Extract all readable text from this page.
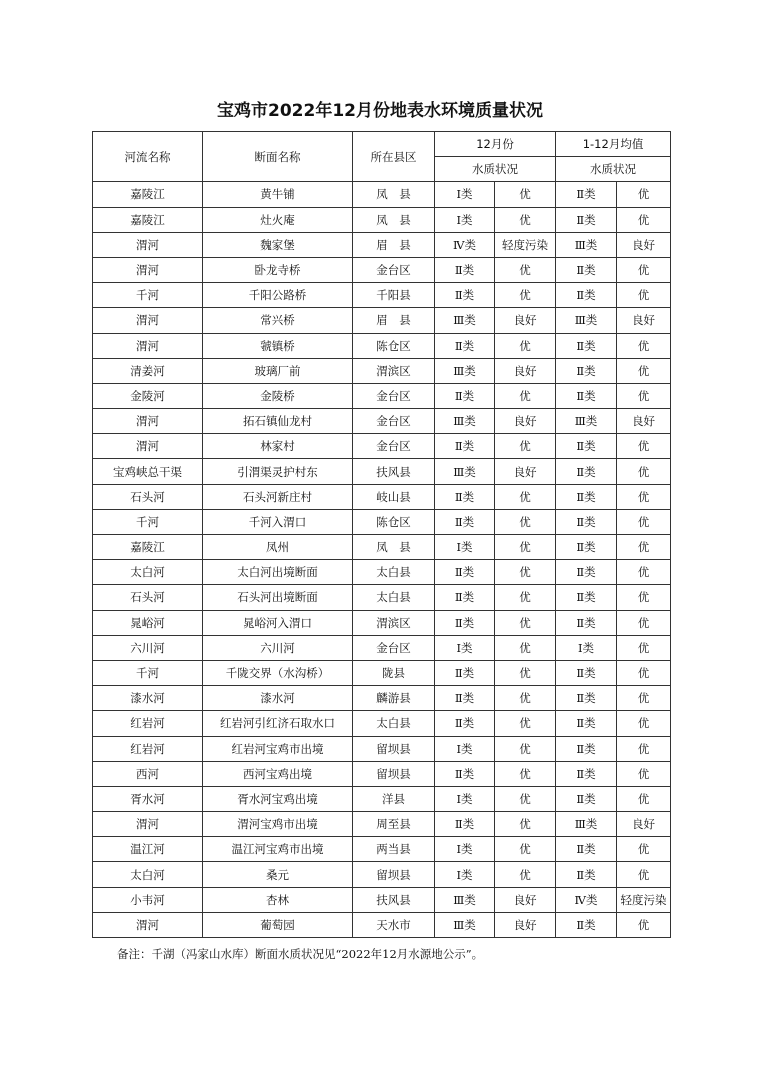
宝鸡市2022年12月份地表水环境质量状况
河流名称	断面名称	所在县区	12月份		1-12月均值	
			水质状况		水质状况	
嘉陵江	黄牛铺	凤　县	Ⅰ类	优	Ⅱ类	优
嘉陵江	灶火庵	凤　县	Ⅰ类	优	Ⅱ类	优
渭河	魏家堡	眉　县	Ⅳ类	轻度污染	Ⅲ类	良好
渭河	卧龙寺桥	金台区	Ⅱ类	优	Ⅱ类	优
千河	千阳公路桥	千阳县	Ⅱ类	优	Ⅱ类	优
渭河	常兴桥	眉　县	Ⅲ类	良好	Ⅲ类	良好
渭河	虢镇桥	陈仓区	Ⅱ类	优	Ⅱ类	优
清姜河	玻璃厂前	渭滨区	Ⅲ类	良好	Ⅱ类	优
金陵河	金陵桥	金台区	Ⅱ类	优	Ⅱ类	优
渭河	拓石镇仙龙村	金台区	Ⅲ类	良好	Ⅲ类	良好
渭河	林家村	金台区	Ⅱ类	优	Ⅱ类	优
宝鸡峡总干渠	引渭渠灵护村东	扶风县	Ⅲ类	良好	Ⅱ类	优
石头河	石头河新庄村	岐山县	Ⅱ类	优	Ⅱ类	优
千河	千河入渭口	陈仓区	Ⅱ类	优	Ⅱ类	优
嘉陵江	凤州	凤　县	Ⅰ类	优	Ⅱ类	优
太白河	太白河出境断面	太白县	Ⅱ类	优	Ⅱ类	优
石头河	石头河出境断面	太白县	Ⅱ类	优	Ⅱ类	优
晁峪河	晁峪河入渭口	渭滨区	Ⅱ类	优	Ⅱ类	优
六川河	六川河	金台区	Ⅰ类	优	Ⅰ类	优
千河	千陇交界（水沟桥）	陇县	Ⅱ类	优	Ⅱ类	优
漆水河	漆水河	麟游县	Ⅱ类	优	Ⅱ类	优
红岩河	红岩河引红济石取水口	太白县	Ⅱ类	优	Ⅱ类	优
红岩河	红岩河宝鸡市出境	留坝县	Ⅰ类	优	Ⅱ类	优
西河	西河宝鸡出境	留坝县	Ⅱ类	优	Ⅱ类	优
胥水河	胥水河宝鸡出境	洋县	Ⅰ类	优	Ⅱ类	优
渭河	渭河宝鸡市出境	周至县	Ⅱ类	优	Ⅲ类	良好
温江河	温江河宝鸡市出境	两当县	Ⅰ类	优	Ⅱ类	优
太白河	桑元	留坝县	Ⅰ类	优	Ⅱ类	优
小韦河	杏林	扶风县	Ⅲ类	良好	Ⅳ类	轻度污染
渭河	葡萄园	天水市	Ⅲ类	良好	Ⅱ类	优
备注：千湖（冯家山水库）断面水质状况见“2022年12月水源地公示”。
